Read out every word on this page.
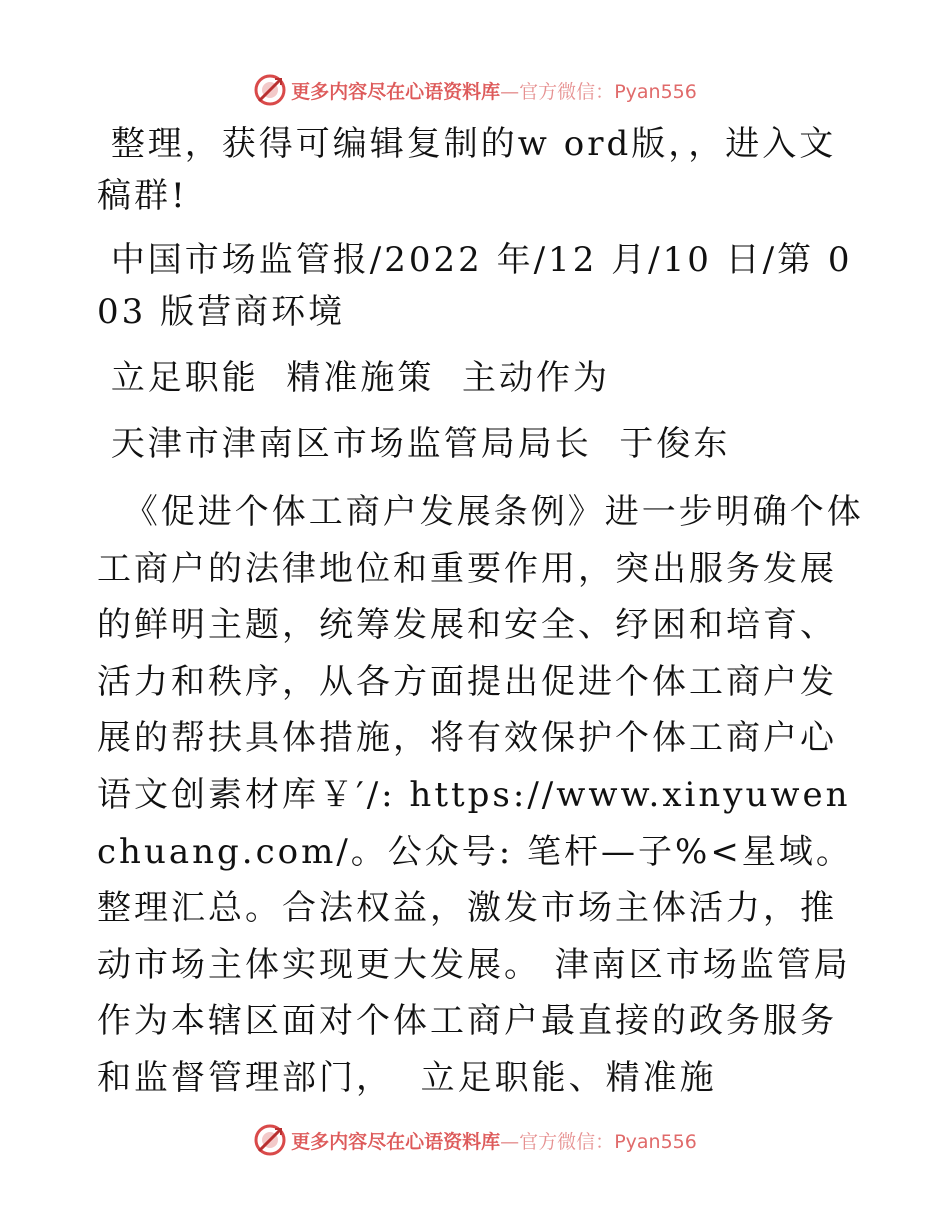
更多内容尽在心语资料库—官方微信：Pyan556

整理，获得可编辑复制的w ord版，，进入文稿群!

中国市场监管报/2022 年/12 月/10 日/第 003 版营商环境

立足职能  精准施策  主动作为

天津市津南区市场监管局局长  于俊东

《促进个体工商户发展条例》进一步明确个体工商户的法律地位和重要作用，突出服务发展的鲜明主题，统筹发展和安全、纾困和培育、活力和秩序，从各方面提出促进个体工商户发展的帮扶具体措施，将有效保护个体工商户心语文创素材库￥′/: https://www.xinyuwenchuang.com/。公众号: 笔杆—子%<星域。整理汇总。合法权益，激发市场主体活力，推动市场主体实现更大发展。 津南区市场监管局作为本辖区面对个体工商户最直接的政务服务和监督管理部门，  立足职能、精准施
更多内容尽在心语资料库—官方微信：Pyan556
